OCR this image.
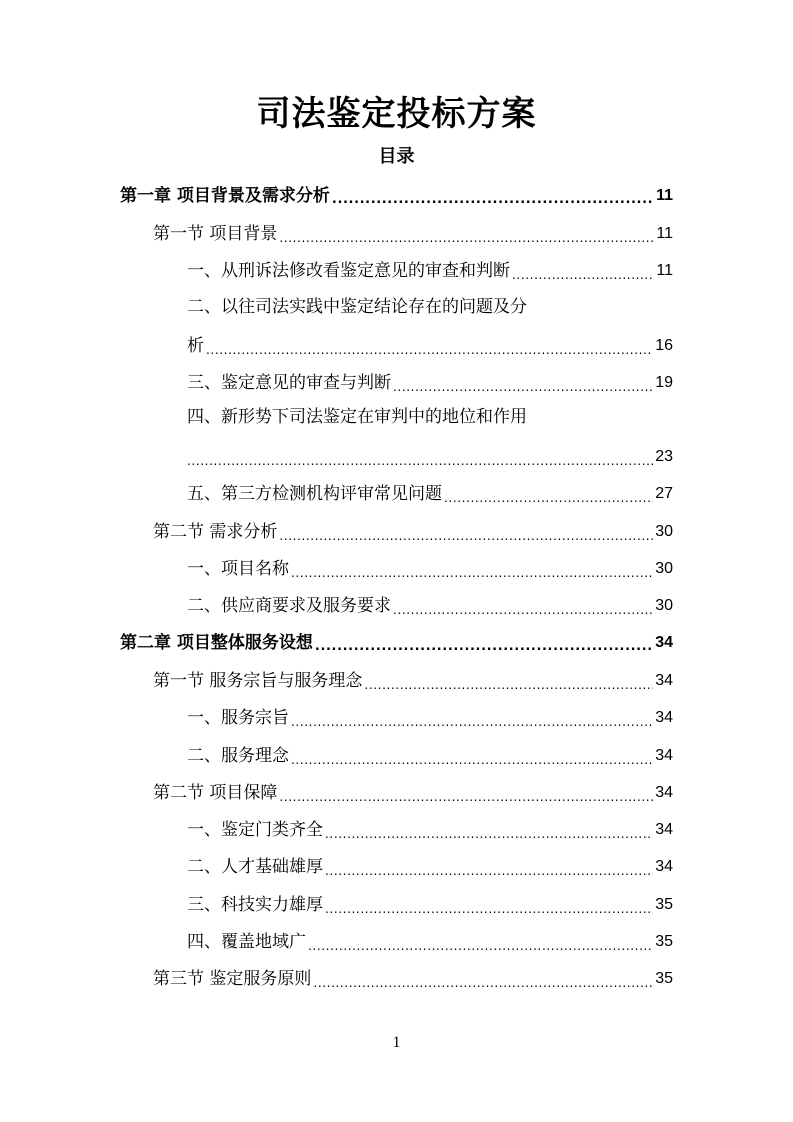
司法鉴定投标方案
目录
第一章 项目背景及需求分析 .....	11
第一节 项目背景 .....	11
一、从刑诉法修改看鉴定意见的审查和判断 .....	11
二、以往司法实践中鉴定结论存在的问题及分
析 .....	16
三、鉴定意见的审查与判断 .....	19
四、新形势下司法鉴定在审判中的地位和作用
.....
23
五、第三方检测机构评审常见问题 .....	27
第二节 需求分析 .....	30
一、项目名称 .....	30
二、供应商要求及服务要求 .....	30
第二章 项目整体服务设想 .....	34
第一节 服务宗旨与服务理念 .....	34
一、服务宗旨 .....	34
二、服务理念 .....	34
第二节 项目保障 .....	34
一、鉴定门类齐全 .....	34
二、人才基础雄厚 .....	34
三、科技实力雄厚 .....	35
四、覆盖地域广 .....	35
第三节 鉴定服务原则 .....	35
1
